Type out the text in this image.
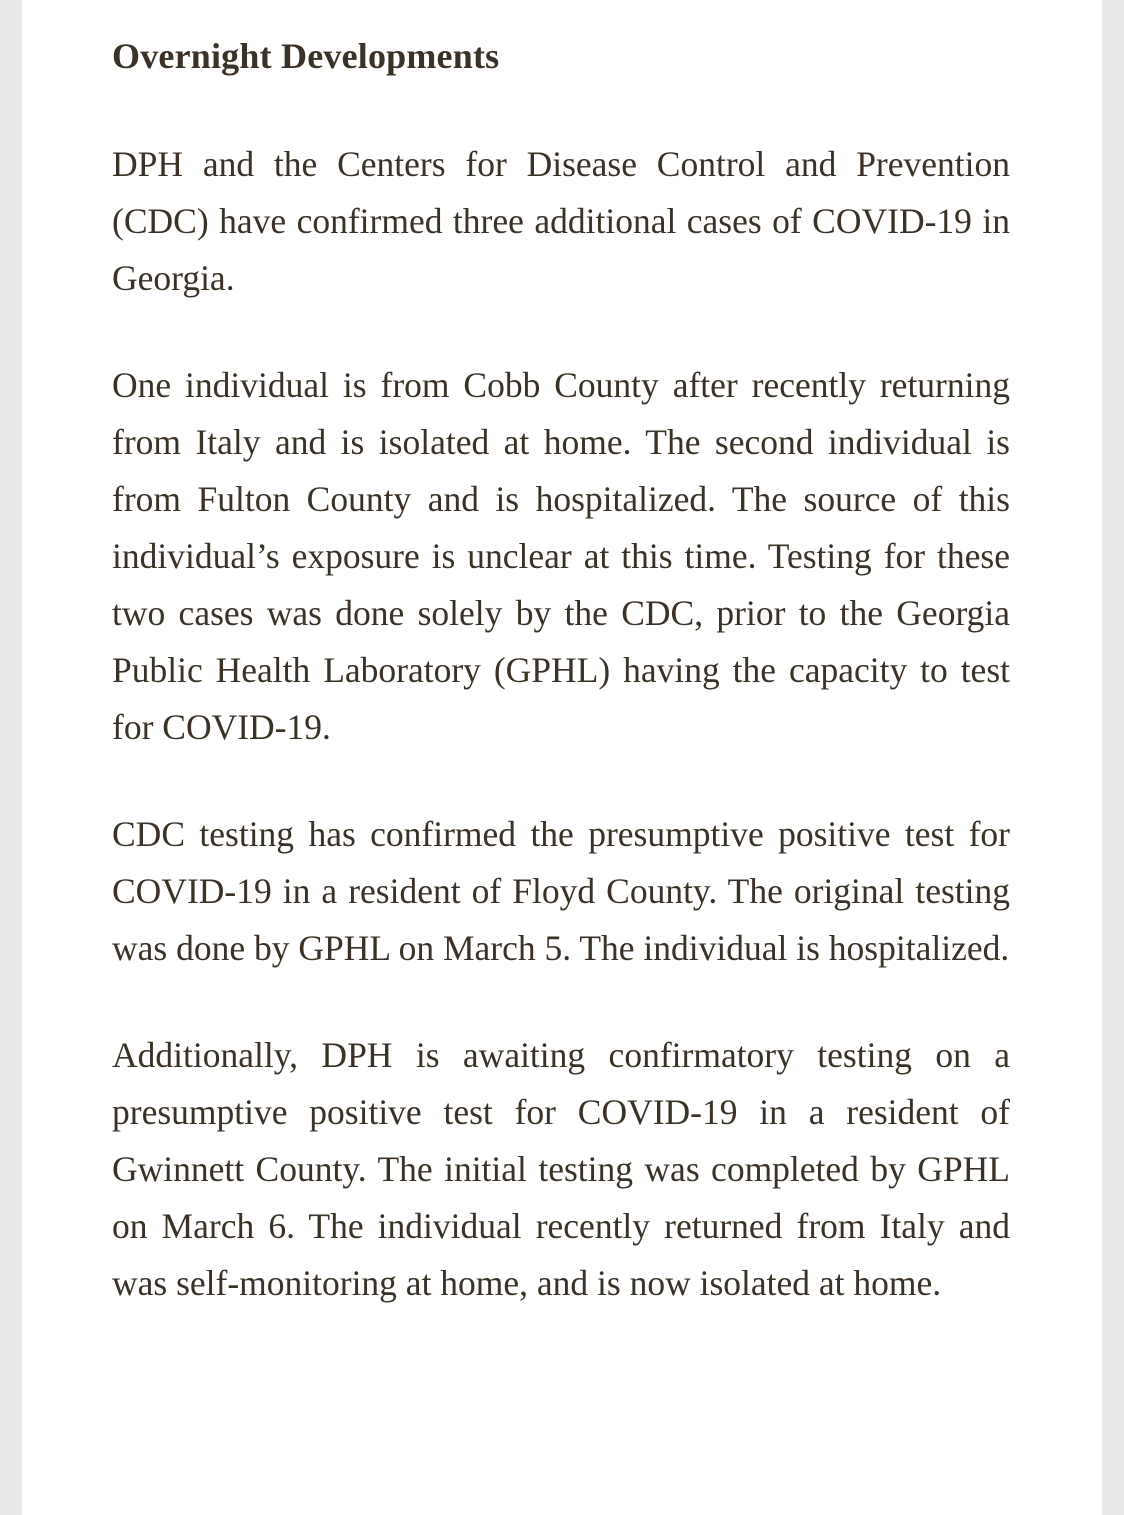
Overnight Developments

DPH and the Centers for Disease Control and Prevention (CDC) have confirmed three additional cases of COVID-19 in Georgia.

One individual is from Cobb County after recently returning from Italy and is isolated at home. The second individual is from Fulton County and is hospitalized. The source of this individual’s exposure is unclear at this time. Testing for these two cases was done solely by the CDC, prior to the Georgia Public Health Laboratory (GPHL) having the capacity to test for COVID-19.

CDC testing has confirmed the presumptive positive test for COVID-19 in a resident of Floyd County. The original testing was done by GPHL on March 5. The individual is hospitalized.

Additionally, DPH is awaiting confirmatory testing on a presumptive positive test for COVID-19 in a resident of Gwinnett County. The initial testing was completed by GPHL on March 6. The individual recently returned from Italy and was self-monitoring at home, and is now isolated at home.
